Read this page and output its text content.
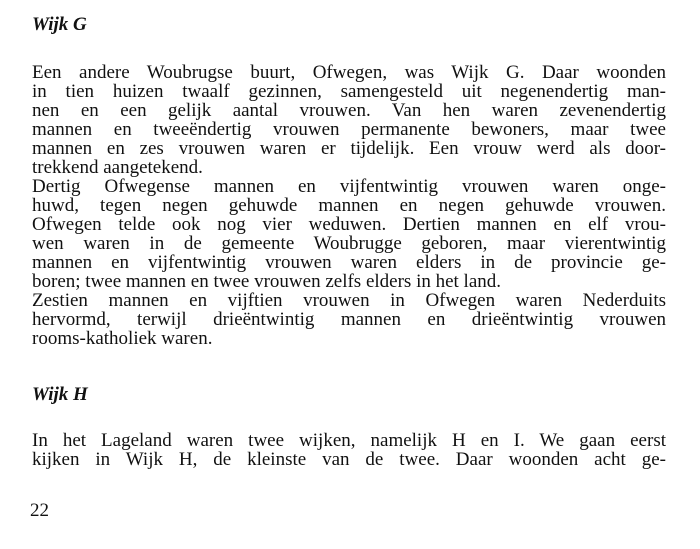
Wijk G
Een andere Woubrugse buurt, Ofwegen, was Wijk G. Daar woonden
in tien huizen twaalf gezinnen, samengesteld uit negenendertig man-
nen en een gelijk aantal vrouwen. Van hen waren zevenendertig
mannen en tweeëndertig vrouwen permanente bewoners, maar twee
mannen en zes vrouwen waren er tijdelijk. Een vrouw werd als door-
trekkend aangetekend.
Dertig Ofwegense mannen en vijfentwintig vrouwen waren onge-
huwd, tegen negen gehuwde mannen en negen gehuwde vrouwen.
Ofwegen telde ook nog vier weduwen. Dertien mannen en elf vrou-
wen waren in de gemeente Woubrugge geboren, maar vierentwintig
mannen en vijfentwintig vrouwen waren elders in de provincie ge-
boren; twee mannen en twee vrouwen zelfs elders in het land.
Zestien mannen en vijftien vrouwen in Ofwegen waren Nederduits
hervormd, terwijl drieëntwintig mannen en drieëntwintig vrouwen
rooms-katholiek waren.
Wijk H
In het Lageland waren twee wijken, namelijk H en I. We gaan eerst
kijken in Wijk H, de kleinste van de twee. Daar woonden acht ge-

22
